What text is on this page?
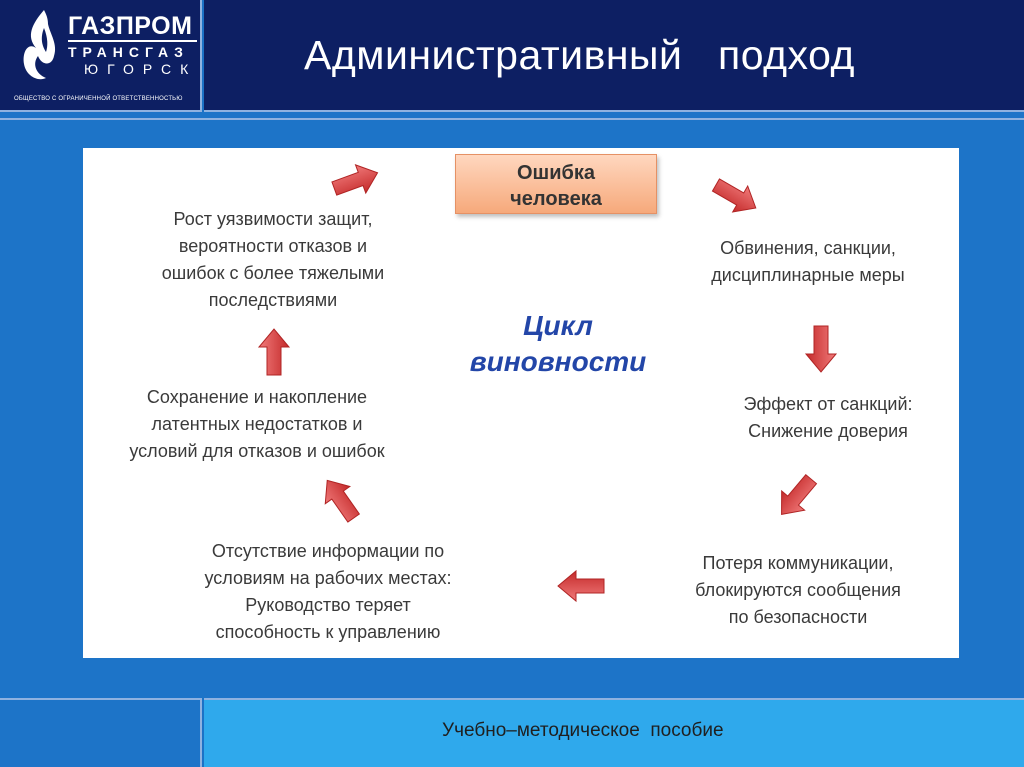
ГАЗПРОМ
ТРАНСГАЗ
ЮГОРСК
ОБЩЕСТВО С ОГРАНИЧЕННОЙ ОТВЕТСТВЕННОСТЬЮ
Административный   подход
Ошибка
человека
Цикл
виновности
Обвинения, санкции,
дисциплинарные меры
Эффект от санкций:
Снижение доверия
Потеря коммуникации,
блокируются сообщения
по безопасности
Отсутствие информации по
условиям на рабочих местах:
Руководство теряет
способность к управлению
Сохранение и накопление
латентных недостатков и
условий для отказов и ошибок
Рост уязвимости защит,
вероятности отказов и
ошибок с более тяжелыми
последствиями
Учебно–методическое  пособие
